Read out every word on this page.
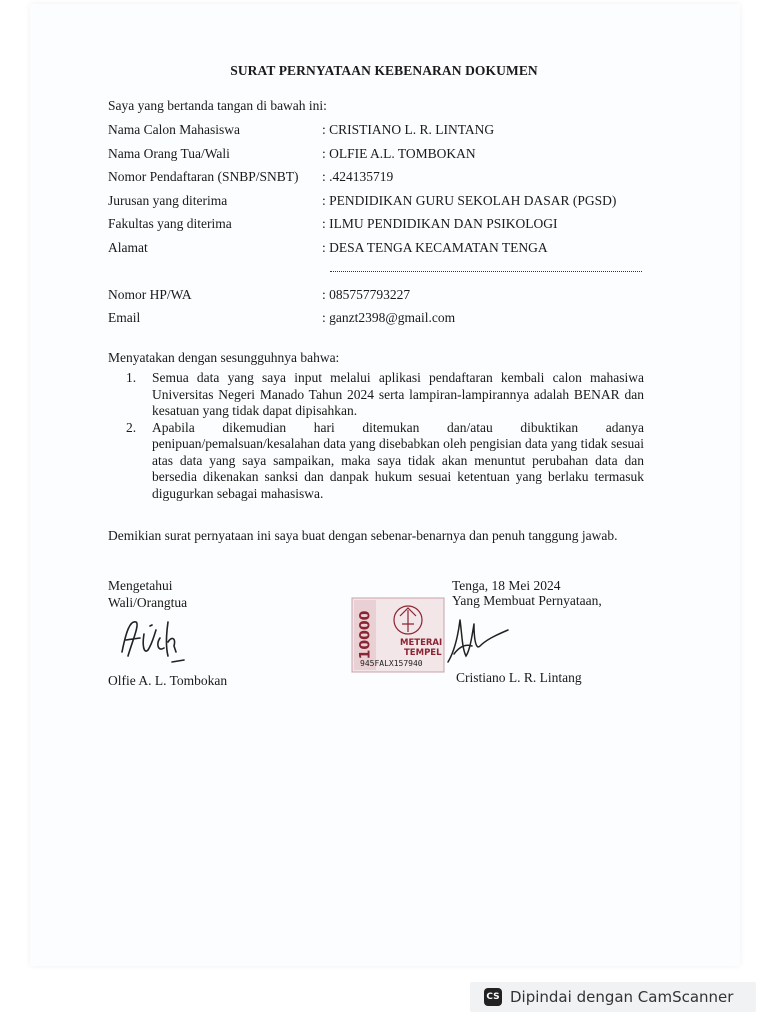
SURAT PERNYATAAN KEBENARAN DOKUMEN
Saya yang bertanda tangan di bawah ini:
Nama Calon Mahasiswa	: CRISTIANO L. R. LINTANG
Nama Orang Tua/Wali	: OLFIE A.L. TOMBOKAN
Nomor Pendaftaran (SNBP/SNBT) : .424135719
Jurusan yang diterima	: PENDIDIKAN GURU SEKOLAH DASAR (PGSD)
Fakultas yang diterima	: ILMU PENDIDIKAN DAN PSIKOLOGI
Alamat	: DESA TENGA KECAMATAN TENGA
Nomor HP/WA	: 085757793227
Email	: ganzt2398@gmail.com
Menyatakan dengan sesungguhnya bahwa:
1. Semua data yang saya input melalui aplikasi pendaftaran kembali calon mahasiwa Universitas Negeri Manado Tahun 2024 serta lampiran-lampirannya adalah BENAR dan kesatuan yang tidak dapat dipisahkan.
2. Apabila dikemudian hari ditemukan dan/atau dibuktikan adanya penipuan/pemalsuan/kesalahan data yang disebabkan oleh pengisian data yang tidak sesuai atas data yang saya sampaikan, maka saya tidak akan menuntut perubahan data dan bersedia dikenakan sanksi dan danpak hukum sesuai ketentuan yang berlaku termasuk digugurkan sebagai mahasiswa.
Demikian surat pernyataan ini saya buat dengan sebenar-benarnya dan penuh tanggung jawab.
Mengetahui
Wali/Orangtua
Tenga, 18 Mei 2024
Yang Membuat Pernyataan,
10000	METERAI
TEMPEL
945FALX157940
Olfie A. L. Tombokan	Cristiano L. R. Lintang
CS Dipindai dengan CamScanner
